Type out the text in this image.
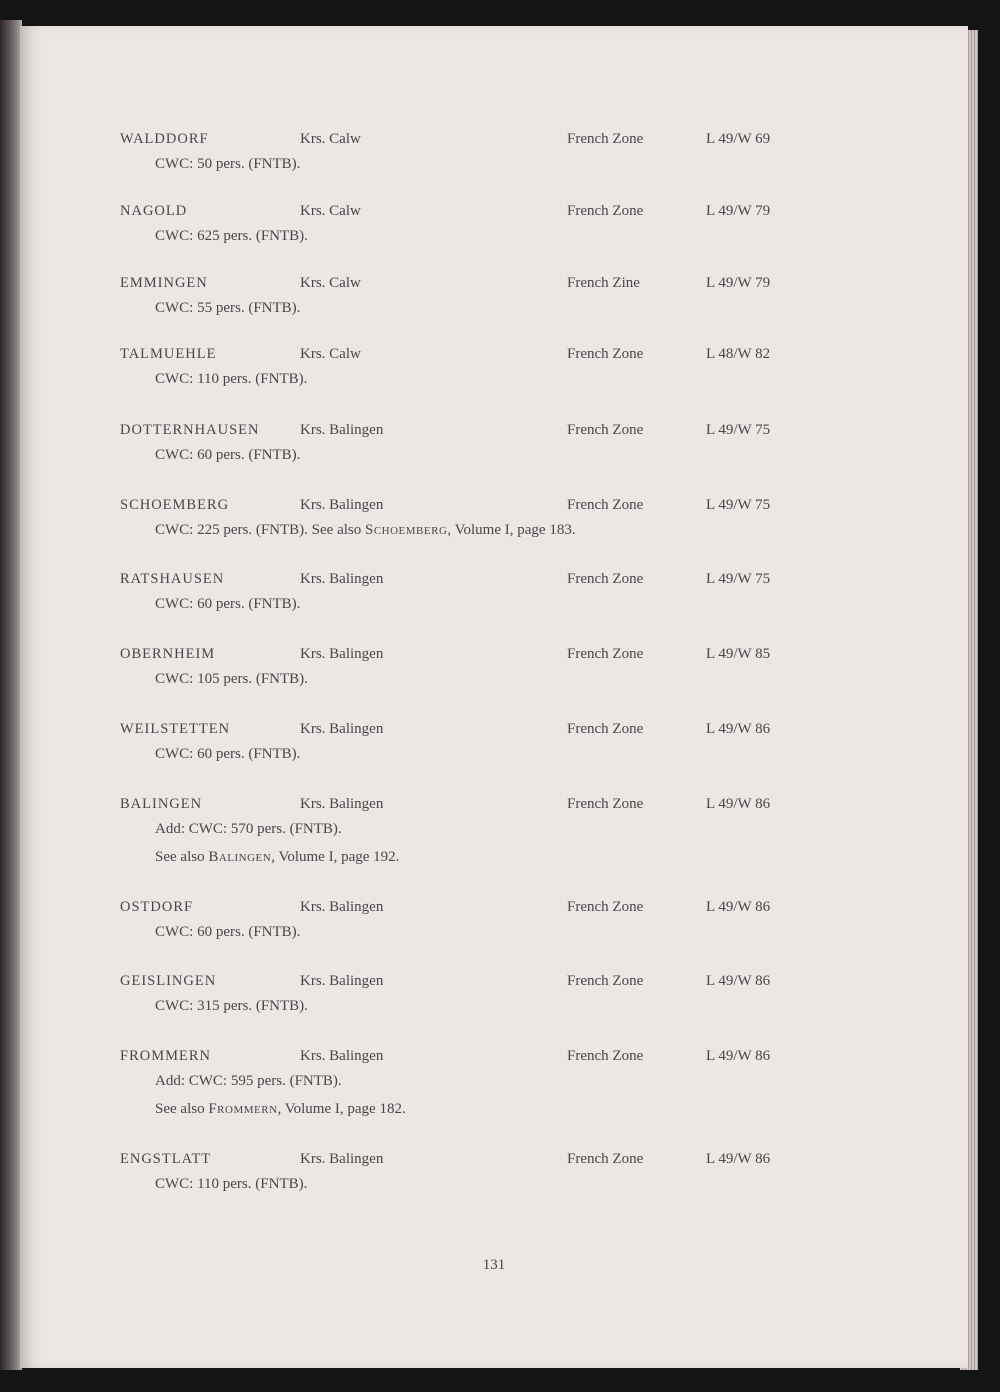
WALDDORF	Krs. Calw	French Zone	L 49/W 69
CWC: 50 pers. (FNTB).
NAGOLD	Krs. Calw	French Zone	L 49/W 79
CWC: 625 pers. (FNTB).
EMMINGEN	Krs. Calw	French Zine	L 49/W 79
CWC: 55 pers. (FNTB).
TALMUEHLE	Krs. Calw	French Zone	L 48/W 82
CWC: 110 pers. (FNTB).
DOTTERNHAUSEN	Krs. Balingen	French Zone	L 49/W 75
CWC: 60 pers. (FNTB).
SCHOEMBERG	Krs. Balingen	French Zone	L 49/W 75
CWC: 225 pers. (FNTB). See also Schoemberg, Volume I, page 183.
RATSHAUSEN	Krs. Balingen	French Zone	L 49/W 75
CWC: 60 pers. (FNTB).
OBERNHEIM	Krs. Balingen	French Zone	L 49/W 85
CWC: 105 pers. (FNTB).
WEILSTETTEN	Krs. Balingen	French Zone	L 49/W 86
CWC: 60 pers. (FNTB).
BALINGEN	Krs. Balingen	French Zone	L 49/W 86
Add: CWC: 570 pers. (FNTB).
See also Balingen, Volume I, page 192.
OSTDORF	Krs. Balingen	French Zone	L 49/W 86
CWC: 60 pers. (FNTB).
GEISLINGEN	Krs. Balingen	French Zone	L 49/W 86
CWC: 315 pers. (FNTB).
FROMMERN	Krs. Balingen	French Zone	L 49/W 86
Add: CWC: 595 pers. (FNTB).
See also Frommern, Volume I, page 182.
ENGSTLATT	Krs. Balingen	French Zone	L 49/W 86
CWC: 110 pers. (FNTB).
131
